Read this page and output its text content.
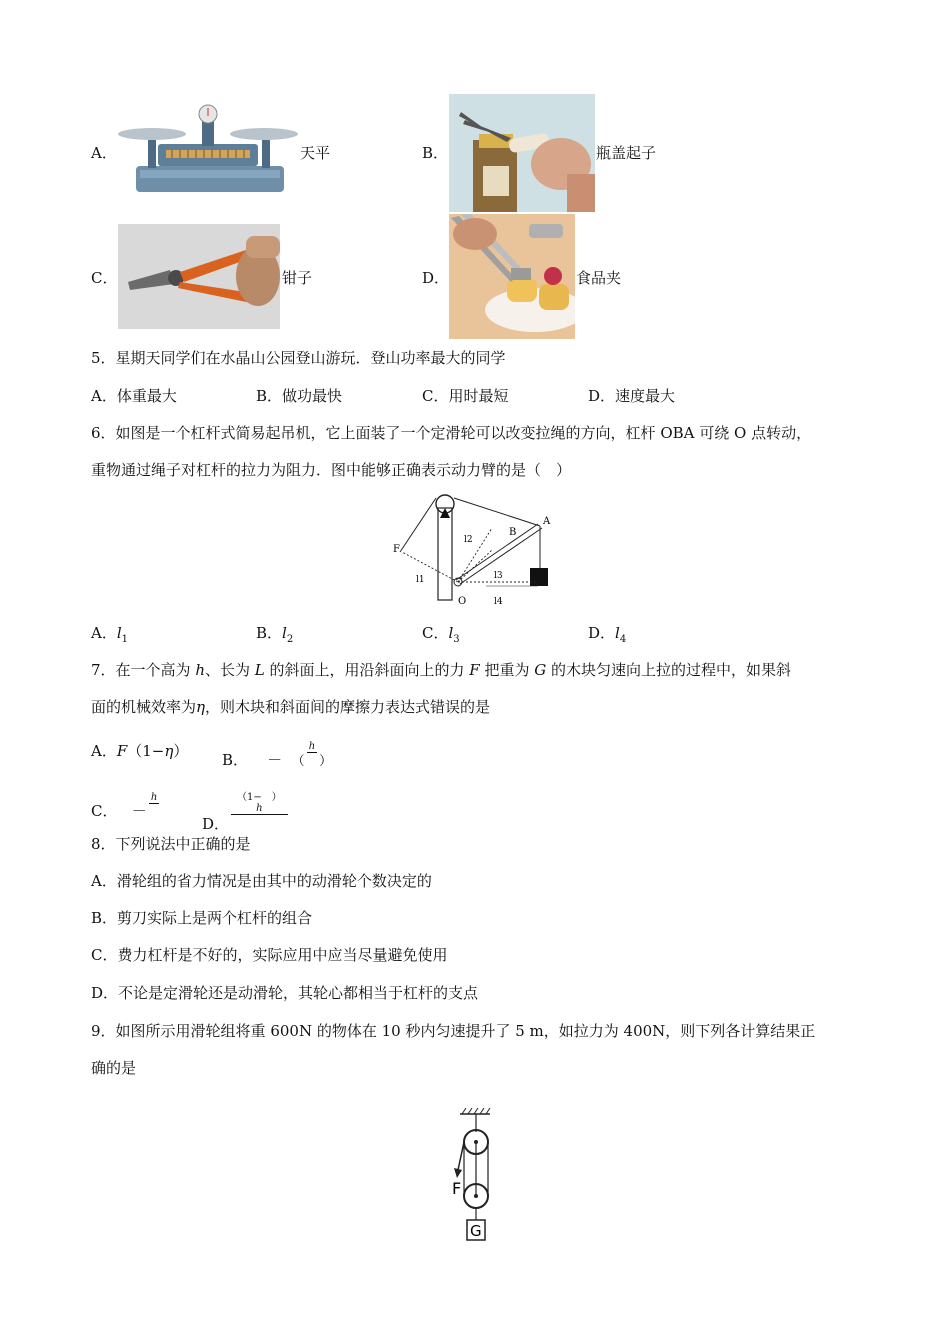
A．	天平	B．	瓶盖起子
C．	钳子	D．	食品夹
5．星期天同学们在水晶山公园登山游玩．登山功率最大的同学
A．体重最大	B．做功最快	C．用时最短	D．速度最大
6．如图是一个杠杆式简易起吊机，它上面装了一个定滑轮可以改变拉绳的方向，杠杆 OBA 可绕 O 点转动，
重物通过绳子对杠杆的拉力为阻力．图中能够正确表示动力臂的是（　）
A
B
F
O
l1
l2
l3
l4
A．$l_1$	B．$l_2$	C．$l_3$	D．$l_4$
7．在一个高为 h、长为 L 的斜面上，用沿斜面向上的力 F 把重为 G 的木块匀速向上拉的过程中，如果斜
面的机械效率为η，则木块和斜面间的摩擦力表达式错误的是
A．F（1−η） B． － （
h

）
C． －
h

D．
（1−　）
h

8．下列说法中正确的是
A．滑轮组的省力情况是由其中的动滑轮个数决定的
B．剪刀实际上是两个杠杆的组合
C．费力杠杆是不好的，实际应用中应当尽量避免使用
D．不论是定滑轮还是动滑轮，其轮心都相当于杠杆的支点
9．如图所示用滑轮组将重 600N 的物体在 10 秒内匀速提升了 5 m，如拉力为 400N，则下列各计算结果正
确的是
F
G
